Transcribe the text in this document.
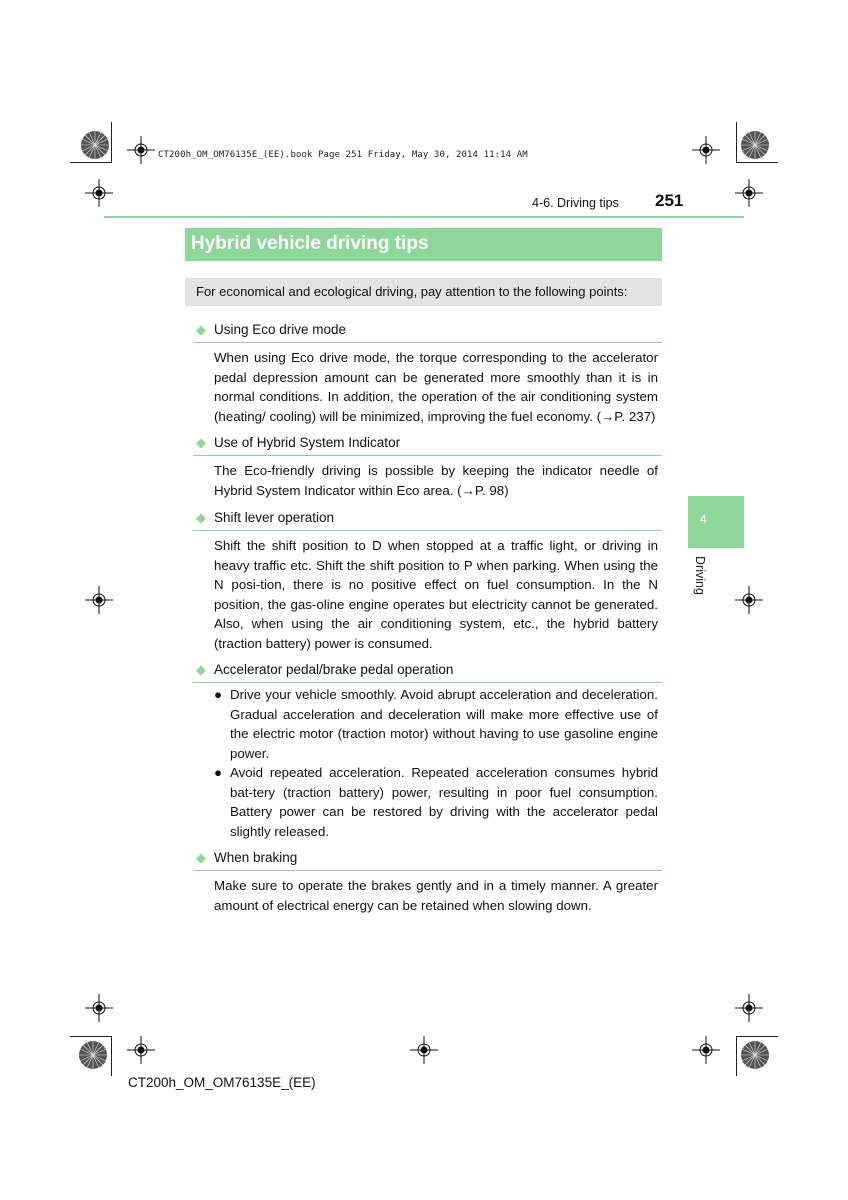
CT200h_OM_OM76135E_(EE).book Page 251 Friday, May 30, 2014 11:14 AM
4-6. Driving tips 251
Hybrid vehicle driving tips
For economical and ecological driving, pay attention to the following points:
4
Driving
◆ Using Eco drive mode
When using Eco drive mode, the torque corresponding to the accelerator pedal depression amount can be generated more smoothly than it is in normal conditions. In addition, the operation of the air conditioning system (heating/ cooling) will be minimized, improving the fuel economy. (→P. 237)
◆ Use of Hybrid System Indicator
The Eco-friendly driving is possible by keeping the indicator needle of Hybrid System Indicator within Eco area. (→P. 98)
◆ Shift lever operation
Shift the shift position to D when stopped at a traffic light, or driving in heavy traffic etc. Shift the shift position to P when parking. When using the N posi-tion, there is no positive effect on fuel consumption. In the N position, the gas-oline engine operates but electricity cannot be generated. Also, when using the air conditioning system, etc., the hybrid battery (traction battery) power is consumed.
◆ Accelerator pedal/brake pedal operation
● Drive your vehicle smoothly. Avoid abrupt acceleration and deceleration. Gradual acceleration and deceleration will make more effective use of the electric motor (traction motor) without having to use gasoline engine power.
● Avoid repeated acceleration. Repeated acceleration consumes hybrid bat-tery (traction battery) power, resulting in poor fuel consumption. Battery power can be restored by driving with the accelerator pedal slightly released.
◆ When braking
Make sure to operate the brakes gently and in a timely manner. A greater amount of electrical energy can be retained when slowing down.
CT200h_OM_OM76135E_(EE)
